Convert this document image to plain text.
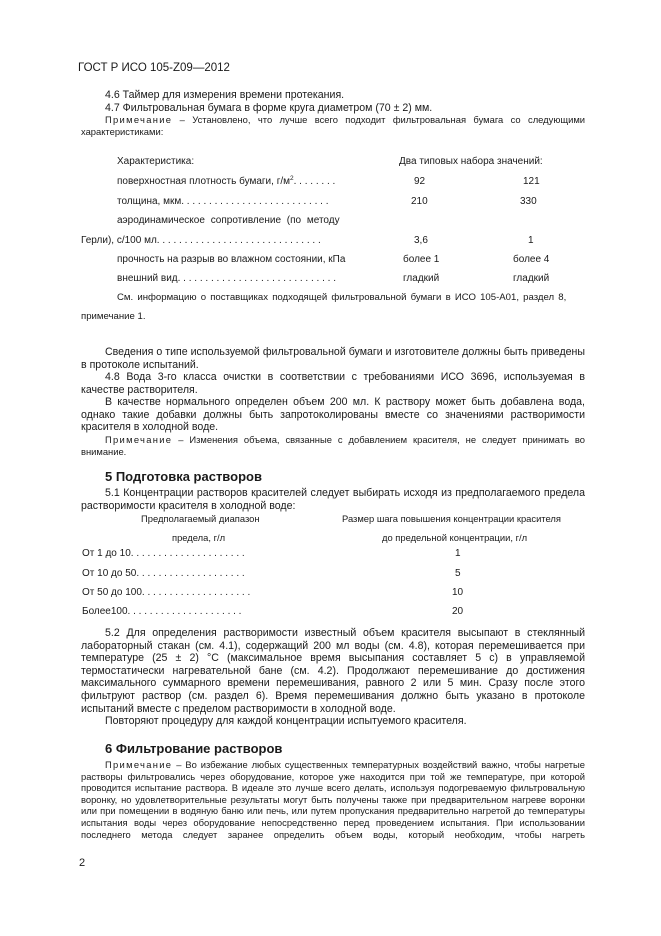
ГОСТ Р ИСО 105-Z09—2012
4.6 Таймер для измерения времени протекания.
4.7 Фильтровальная бумага в форме круга диаметром (70 ± 2) мм.
Примечание – Установлено, что лучше всего подходит фильтровальная бумага со следующими
характеристиками:
Характеристика:	Два типовых набора значений:
поверхностная плотность бумаги, $г/м^2$. . . . . . . .	92	121
толщина, мкм. . . . . . . . . . . . . . . . . . . . . . . . . . .	210	330
аэродинамическое сопротивление (по методу
Герли), с/100 мл. . . . . . . . . . . . . . . . . . . . . . . . . . . . . .	3,6	1
прочность на разрыв во влажном состоянии, кПа	более 1	более 4
внешний вид. . . . . . . . . . . . . . . . . . . . . . . . . . . . .	гладкий	гладкий
См. информацию о поставщиках подходящей фильтровальной бумаги в ИСО 105-A01, раздел 8,
примечание 1.
Сведения о типе используемой фильтровальной бумаги и изготовителе должны быть приведены
в протоколе испытаний.
4.8 Вода 3-го класса очистки в соответствии с требованиями ИСО 3696, используемая в
качестве растворителя.
В качестве нормального определен объем 200 мл. К раствору может быть добавлена вода,
однако такие добавки должны быть запротоколированы вместе со значениями растворимости
красителя в холодной воде.
Примечание – Изменения объема, связанные с добавлением красителя, не следует принимать во
внимание.
5 Подготовка растворов
5.1 Концентрации растворов красителей следует выбирать исходя из предполагаемого предела
растворимости красителя в холодной воде:
Предполагаемый диапазон
предела, г/л
Размер шага повышения концентрации красителя
до предельной концентрации, г/л
От 1 до 10. . . . . . . . . . . . . . . . . . . . .	1
От 10 до 50. . . . . . . . . . . . . . . . . . . .	5
От 50 до 100. . . . . . . . . . . . . . . . . . . .	10
Более100. . . . . . . . . . . . . . . . . . . . .	20
5.2 Для определения растворимости известный объем красителя высыпают в стеклянный
лабораторный стакан (см. 4.1), содержащий 200 мл воды (см. 4.8), которая перемешивается при
температуре (25 ± 2) °С (максимальное время высыпания составляет 5 с) в управляемой
термостатически нагревательной бане (см. 4.2). Продолжают перемешивание до достижения
максимального суммарного времени перемешивания, равного 2 или 5 мин. Сразу после этого
фильтруют раствор (см. раздел 6). Время перемешивания должно быть указано в протоколе
испытаний вместе с пределом растворимости в холодной воде.
Повторяют процедуру для каждой концентрации испытуемого красителя.
6 Фильтрование растворов
Примечание – Во избежание любых существенных температурных воздействий важно, чтобы нагретые
растворы фильтровались через оборудование, которое уже находится при той же температуре, при которой
проводится испытание раствора. В идеале это лучше всего делать, используя подогреваемую фильтровальную
воронку, но удовлетворительные результаты могут быть получены также при предварительном нагреве воронки
или при помещении в водяную баню или печь, или путем пропускания предварительно нагретой до температуры
испытания воды через оборудование непосредственно перед проведением испытания. При использовании
последнего метода следует заранее определить объем воды, который необходим, чтобы нагреть
2
